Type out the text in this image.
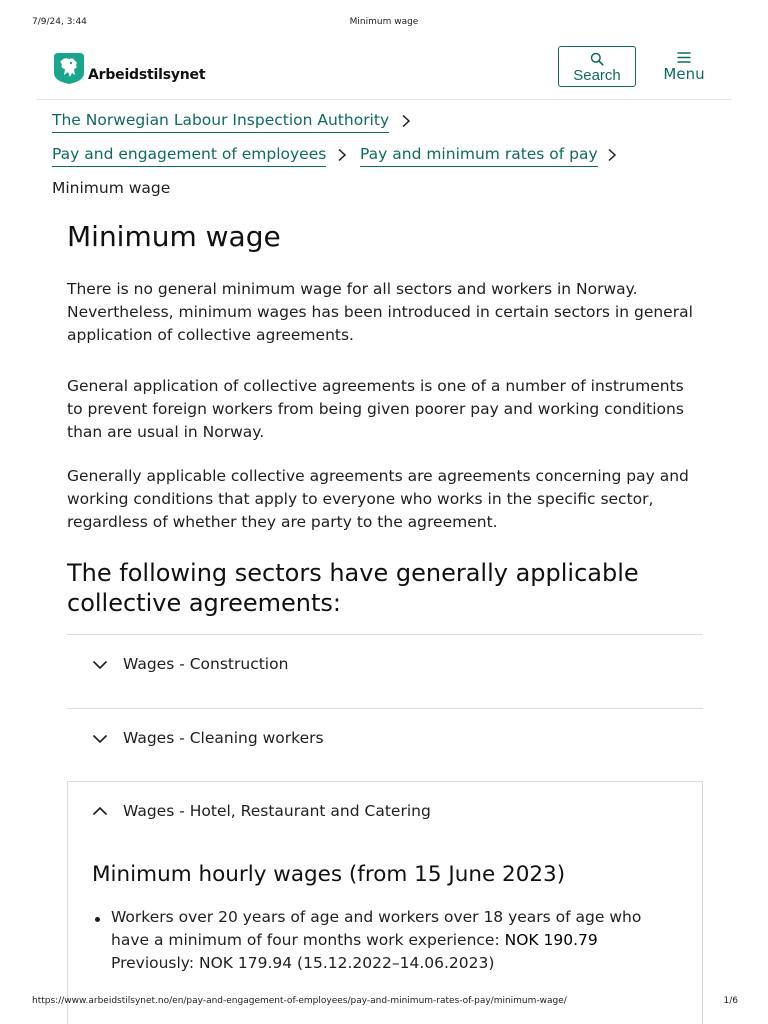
7/9/24, 3:44	Minimum wage
Arbeidstilsynet	Search	Menu
The Norwegian Labour Inspection Authority
Pay and engagement of employees Pay and minimum rates of pay
Minimum wage
Minimum wage

There is no general minimum wage for all sectors and workers in Norway. Nevertheless, minimum wages has been introduced in certain sectors in general application of collective agreements.

General application of collective agreements is one of a number of instruments to prevent foreign workers from being given poorer pay and working conditions than are usual in Norway.

Generally applicable collective agreements are agreements concerning pay and working conditions that apply to everyone who works in the specific sector, regardless of whether they are party to the agreement.

The following sectors have generally applicable collective agreements:
Wages - Construction
Wages - Cleaning workers
Wages - Hotel, Restaurant and Catering
Minimum hourly wages (from 15 June 2023)
Workers over 20 years of age and workers over 18 years of age who have a minimum of four months work experience: NOK 190.79
Previously: NOK 179.94 (15.12.2022–14.06.2023)
https://www.arbeidstilsynet.no/en/pay-and-engagement-of-employees/pay-and-minimum-rates-of-pay/minimum-wage/	1/6
